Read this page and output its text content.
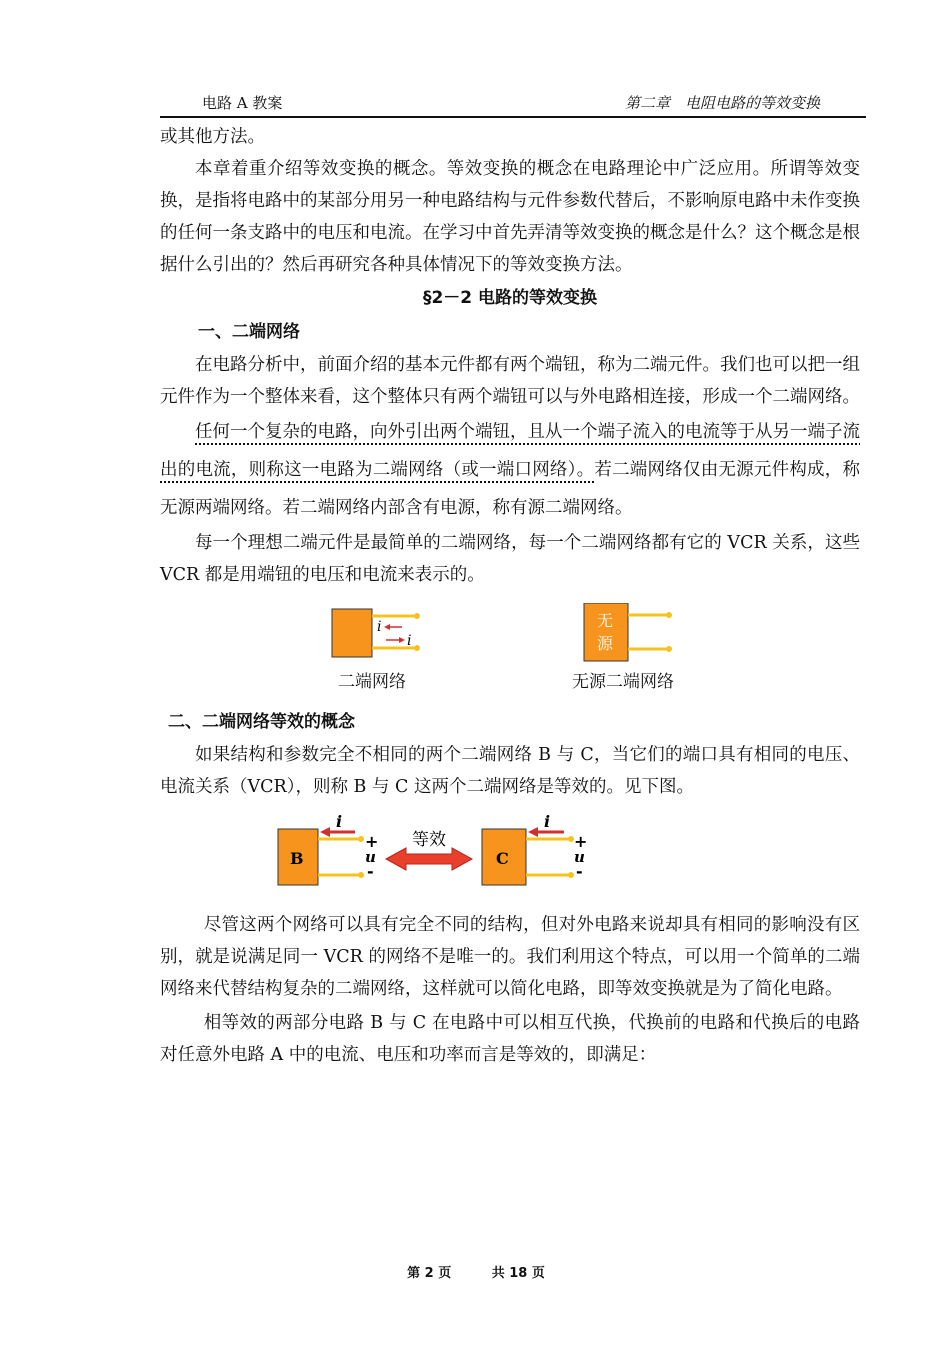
电路 A 教案	第二章　电阻电路的等效变换

或其他方法。

本章着重介绍等效变换的概念。等效变换的概念在电路理论中广泛应用。所谓等效变换，是指将电路中的某部分用另一种电路结构与元件参数代替后，不影响原电路中未作变换的任何一条支路中的电压和电流。在学习中首先弄清等效变换的概念是什么？这个概念是根据什么引出的？然后再研究各种具体情况下的等效变换方法。

§2－2 电路的等效变换

一、二端网络

在电路分析中，前面介绍的基本元件都有两个端钮，称为二端元件。我们也可以把一组元件作为一个整体来看，这个整体只有两个端钮可以与外电路相连接，形成一个二端网络。

任何一个复杂的电路，向外引出两个端钮，且从一个端子流入的电流等于从另一端子流出的电流，则称这一电路为二端网络（或一端口网络）。若二端网络仅由无源元件构成，称无源两端网络。若二端网络内部含有电源，称有源二端网络。

每一个理想二端元件是最简单的二端网络，每一个二端网络都有它的 VCR 关系，这些 VCR 都是用端钮的电压和电流来表示的。

i
i
无
源
二端网络	无源二端网络

二、二端网络等效的概念

如果结构和参数完全不相同的两个二端网络 B 与 C，当它们的端口具有相同的电压、电流关系（VCR），则称 B 与 C 这两个二端网络是等效的。见下图。

B
i
+
u
-
等效
C
i
+
u
-

尽管这两个网络可以具有完全不同的结构，但对外电路来说却具有相同的影响没有区别，就是说满足同一 VCR 的网络不是唯一的。我们利用这个特点，可以用一个简单的二端网络来代替结构复杂的二端网络，这样就可以简化电路，即等效变换就是为了简化电路。

相等效的两部分电路 B 与 C 在电路中可以相互代换，代换前的电路和代换后的电路对任意外电路 A 中的电流、电压和功率而言是等效的，即满足：

第 2 页	共 18 页
